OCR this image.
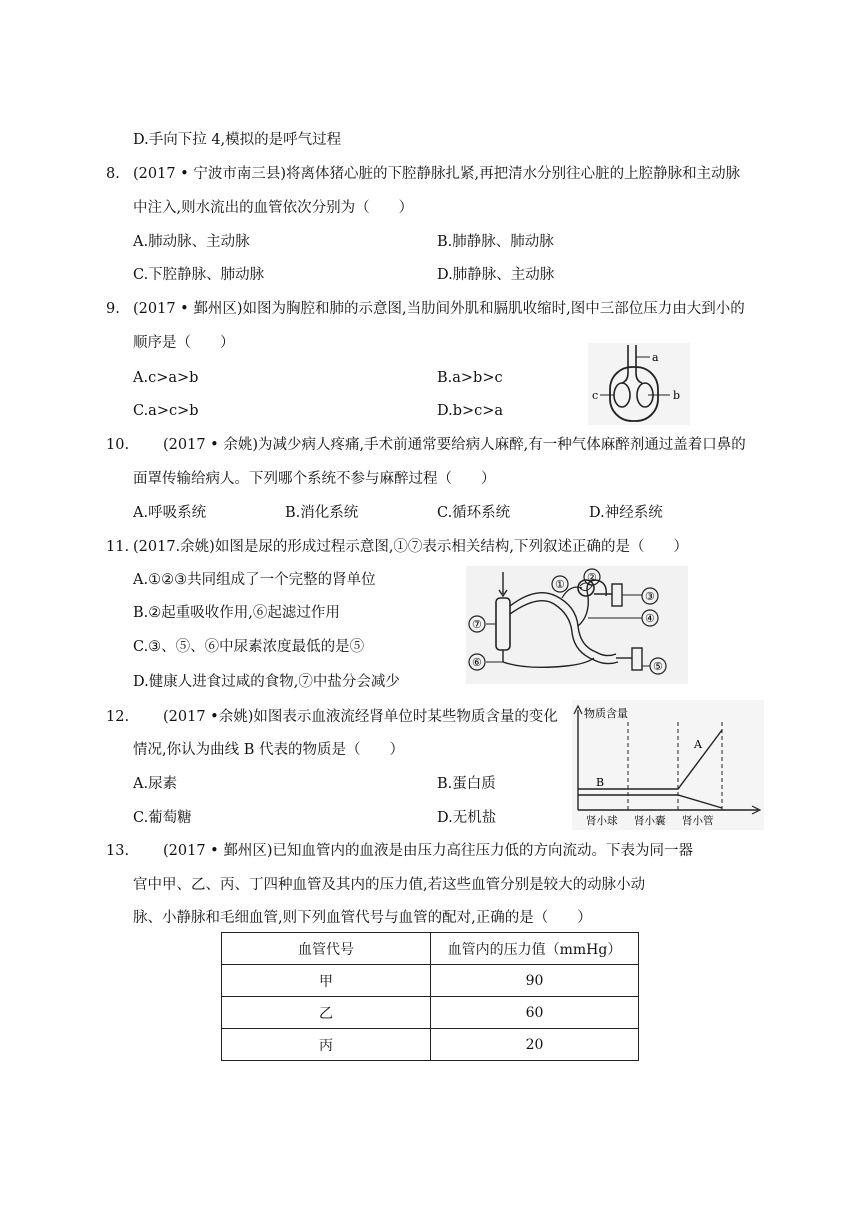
D.手向下拉 4,模拟的是呼气过程
8. (2017 • 宁波市南三县)将离体猪心脏的下腔静脉扎紧,再把清水分别往心脏的上腔静脉和主动脉
中注入,则水流出的血管依次分别为（　　）
A.肺动脉、主动脉	B.肺静脉、肺动脉
C.下腔静脉、肺动脉	D.肺静脉、主动脉
9. (2017 • 鄞州区)如图为胸腔和肺的示意图,当肋间外肌和膈肌收缩时,图中三部位压力由大到小的
顺序是（　　）
A.c>a>b	B.a>b>c
C.a>c>b	D.b>c>a
a
c	b
10. (2017 • 余姚)为减少病人疼痛,手术前通常要给病人麻醉,有一种气体麻醉剂通过盖着口鼻的
面罩传输给病人。下列哪个系统不参与麻醉过程（　　）
A.呼吸系统	B.消化系统	C.循环系统	D.神经系统
11. (2017.余姚)如图是尿的形成过程示意图,①⑦表示相关结构,下列叙述正确的是（　　）
A.①②③共同组成了一个完整的肾单位
B.②起重吸收作用,⑥起滤过作用
C.③、⑤、⑥中尿素浓度最低的是⑤
D.健康人进食过咸的食物,⑦中盐分会减少
⑦
③
①
②
④
⑤
⑥
12. (2017 •余姚)如图表示血液流经肾单位时某些物质含量的变化
情况,你认为曲线 B 代表的物质是（　　）
A.尿素	B.蛋白质
C.葡萄糖	D.无机盐
物质含量
A
B
肾小球 肾小囊 肾小管
13. (2017 • 鄞州区)已知血管内的血液是由压力高往压力低的方向流动。下表为同一器
官中甲、乙、丙、丁四种血管及其内的压力值,若这些血管分别是较大的动脉小动
脉、小静脉和毛细血管,则下列血管代号与血管的配对,正确的是（　　）
血管代号	血管内的压力值（mmHg）
甲	90
乙	60
丙	20
